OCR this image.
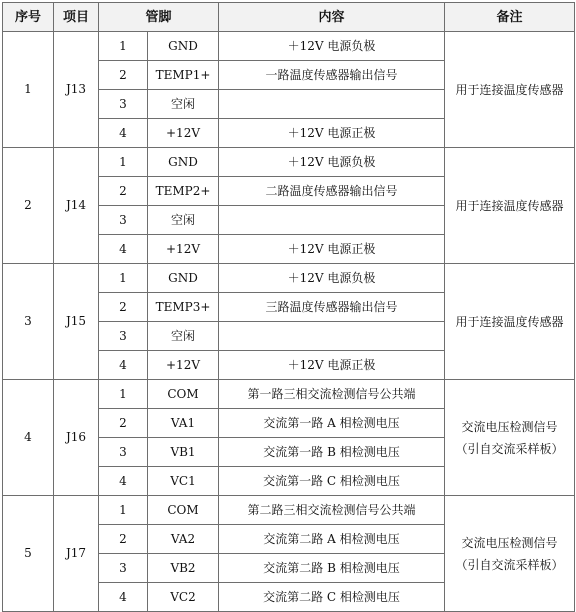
序号	项目	管脚		内容	备注
1	J13	1	GND	＋12V 电源负极	用于连接温度传感器
		2	TEMP1+	一路温度传感器输出信号	
		3	空闲		
		4	+12V	＋12V 电源正极	
2	J14	1	GND	＋12V 电源负极	用于连接温度传感器
		2	TEMP2+	二路温度传感器输出信号	
		3	空闲		
		4	+12V	＋12V 电源正极	
3	J15	1	GND	＋12V 电源负极	用于连接温度传感器
		2	TEMP3+	三路温度传感器输出信号	
		3	空闲		
		4	+12V	＋12V 电源正极	
4	J16	1	COM	第一路三相交流检测信号公共端	交流电压检测信号（引自交流采样板）
		2	VA1	交流第一路 A 相检测电压	
		3	VB1	交流第一路 B 相检测电压	
		4	VC1	交流第一路 C 相检测电压	
5	J17	1	COM	第二路三相交流检测信号公共端	交流电压检测信号（引自交流采样板）
		2	VA2	交流第二路 A 相检测电压	
		3	VB2	交流第二路 B 相检测电压	
		4	VC2	交流第二路 C 相检测电压	
